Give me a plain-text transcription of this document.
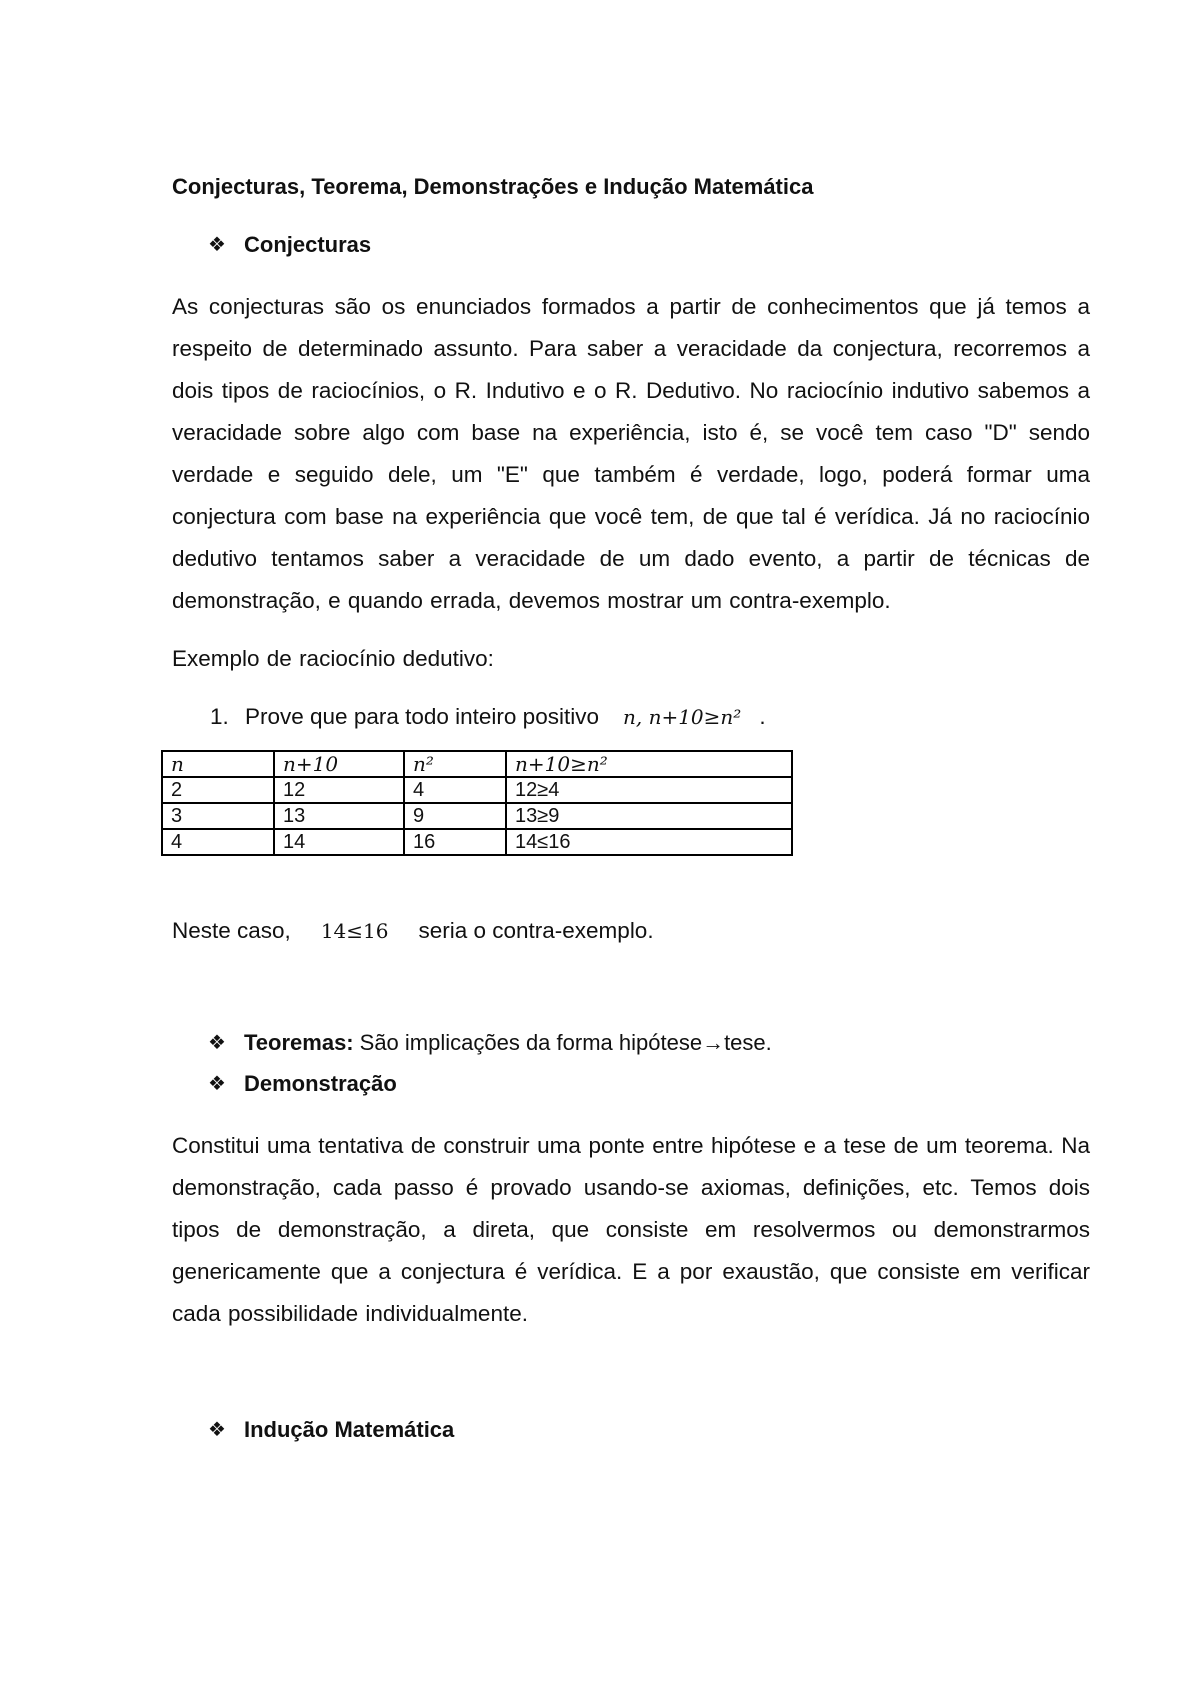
Conjecturas, Teorema, Demonstrações e Indução Matemática
❖ Conjecturas

As conjecturas são os enunciados formados a partir de conhecimentos que já temos a respeito de determinado assunto. Para saber a veracidade da conjectura, recorremos a dois tipos de raciocínios, o R. Indutivo e o R. Dedutivo. No raciocínio indutivo sabemos a veracidade sobre algo com base na experiência, isto é, se você tem caso "D" sendo verdade e seguido dele, um "E" que também é verdade, logo, poderá formar uma conjectura com base na experiência que você tem, de que tal é verídica. Já no raciocínio dedutivo tentamos saber a veracidade de um dado evento, a partir de técnicas de demonstração, e quando errada, devemos mostrar um contra-exemplo.

Exemplo de raciocínio dedutivo:

1. Prove que para todo inteiro positivo n, n+10≥n² .
n	n+10	n²	n+10≥n²
2	12	4	12≥4
3	13	9	13≥9
4	14	16	14≤16
Neste caso, 14≤16 seria o contra-exemplo.
❖ Teoremas: São implicações da forma hipótese → tese.
❖ Demonstração

Constitui uma tentativa de construir uma ponte entre hipótese e a tese de um teorema. Na demonstração, cada passo é provado usando-se axiomas, definições, etc. Temos dois tipos de demonstração, a direta, que consiste em resolvermos ou demonstrarmos genericamente que a conjectura é verídica. E a por exaustão, que consiste em verificar cada possibilidade individualmente.

❖ Indução Matemática
